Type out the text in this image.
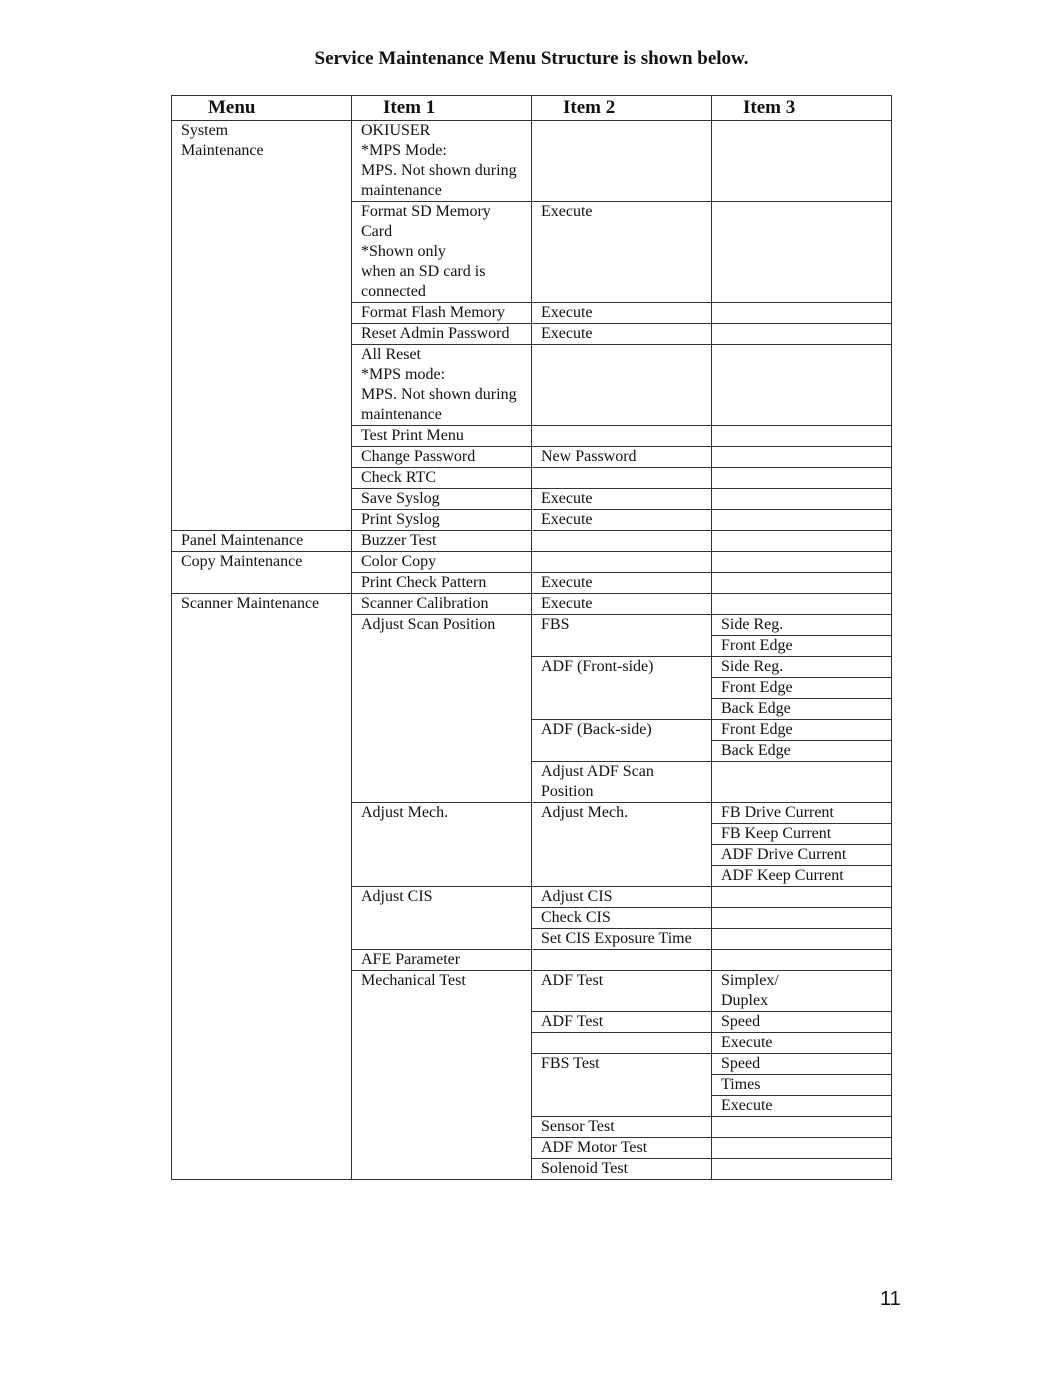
Service Maintenance Menu Structure is shown below.
Menu	Item 1	Item 2	Item 3
System
Maintenance	OKIUSER
*MPS Mode:
MPS. Not shown during
maintenance		
	Format SD Memory
Card
*Shown only
when an SD card is
connected	Execute	
	Format Flash Memory	Execute	
	Reset Admin Password	Execute	
	All Reset
*MPS mode:
MPS. Not shown during
maintenance		
	Test Print Menu		
	Change Password	New Password	
	Check RTC		
	Save Syslog	Execute	
	Print Syslog	Execute	
Panel Maintenance	Buzzer Test		
Copy Maintenance	Color Copy		
	Print Check Pattern	Execute	
Scanner Maintenance	Scanner Calibration	Execute	
	Adjust Scan Position	FBS	Side Reg.
			Front Edge
		ADF (Front-side)	Side Reg.
			Front Edge
			Back Edge
		ADF (Back-side)	Front Edge
			Back Edge
		Adjust ADF Scan
Position	
	Adjust Mech.	Adjust Mech.	FB Drive Current
			FB Keep Current
			ADF Drive Current
			ADF Keep Current
	Adjust CIS	Adjust CIS	
		Check CIS	
		Set CIS Exposure Time	
	AFE Parameter		
	Mechanical Test	ADF Test	Simplex/
Duplex
		ADF Test	Speed
			Execute
		FBS Test	Speed
			Times
			Execute
		Sensor Test	
		ADF Motor Test	
		Solenoid Test	
11
